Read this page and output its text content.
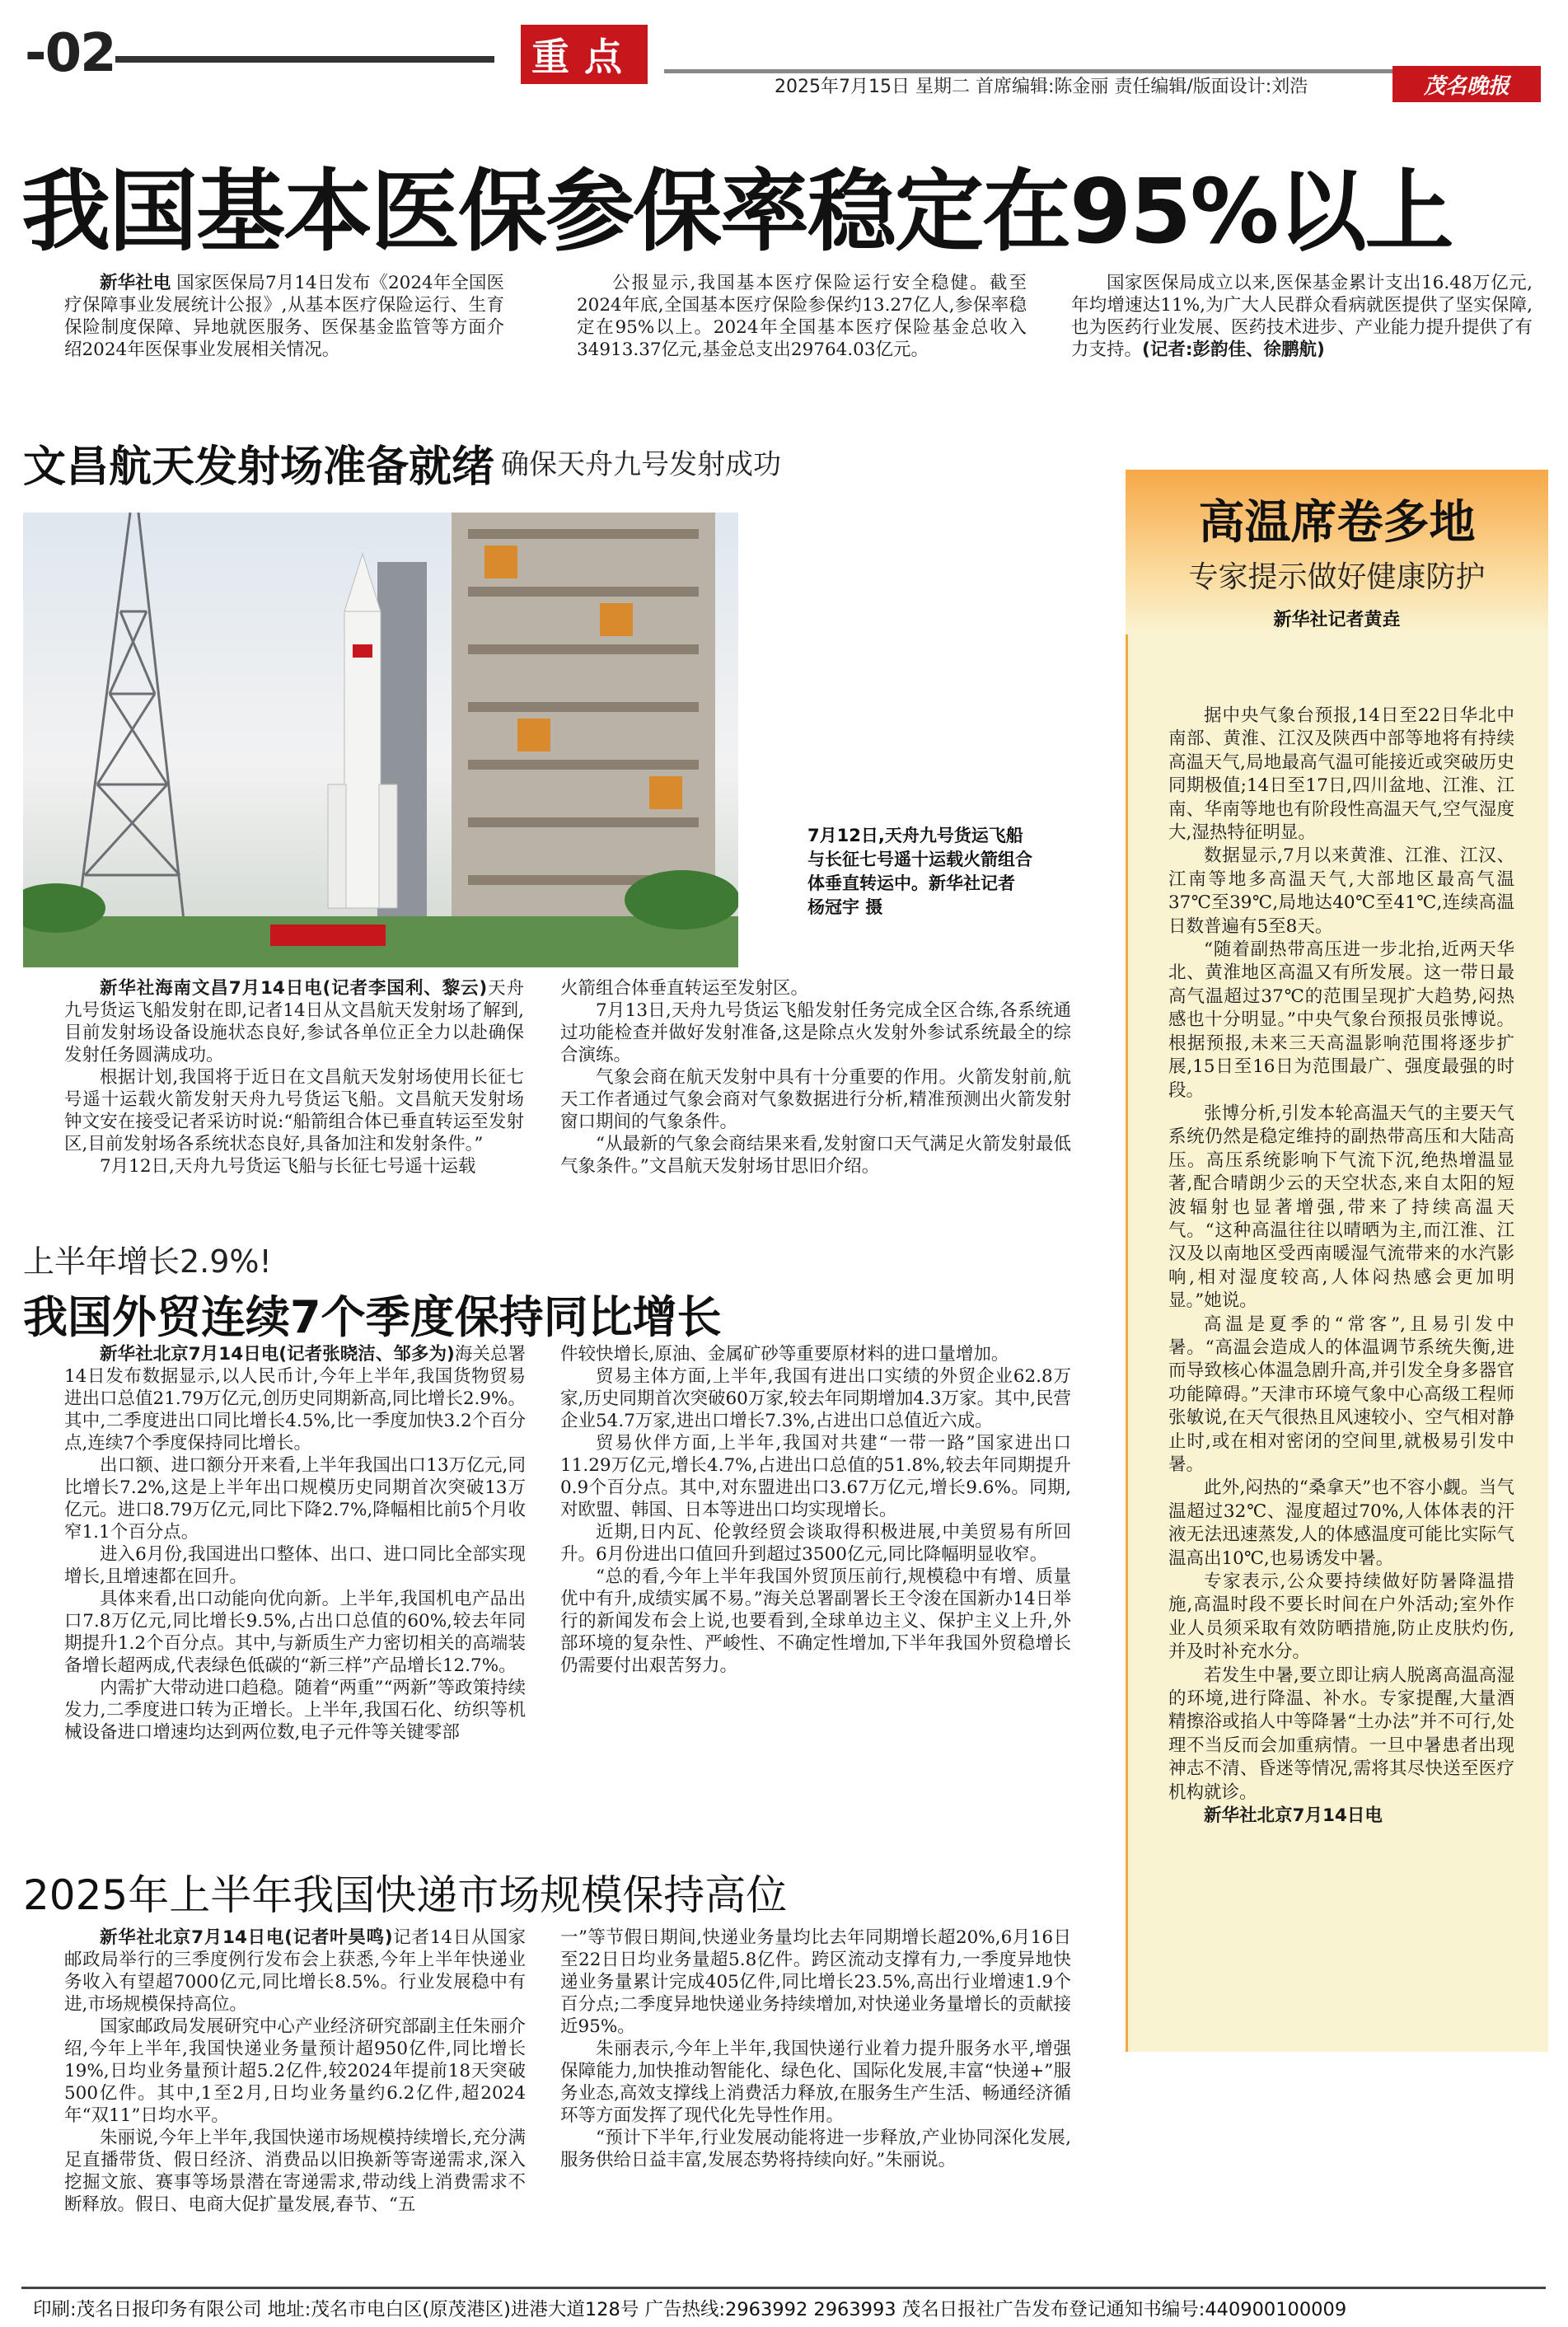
-02	重点
2025年7月15日 星期二 首席编辑:陈金丽 责任编辑/版面设计:刘浩	茂名晚报
我国基本医保参保率稳定在95%以上

新华社电 国家医保局7月14日发布《2024年全国医疗保障事业发展统计公报》,从基本医疗保险运行、生育保险制度保障、异地就医服务、医保基金监管等方面介绍2024年医保事业发展相关情况。

公报显示,我国基本医疗保险运行安全稳健。截至2024年底,全国基本医疗保险参保约13.27亿人,参保率稳定在95%以上。2024年全国基本医疗保险基金总收入34913.37亿元,基金总支出29764.03亿元。

国家医保局成立以来,医保基金累计支出16.48万亿元,年均增速达11%,为广大人民群众看病就医提供了坚实保障,也为医药行业发展、医药技术进步、产业能力提升提供了有力支持。(记者:彭韵佳、徐鹏航)

文昌航天发射场准备就绪 确保天舟九号发射成功
7月12日,天舟九号货运飞船与长征七号遥十运载火箭组合体垂直转运中。新华社记者 杨冠宇 摄

新华社海南文昌7月14日电(记者李国利、黎云)天舟九号货运飞船发射在即,记者14日从文昌航天发射场了解到,目前发射场设备设施状态良好,参试各单位正全力以赴确保发射任务圆满成功。

根据计划,我国将于近日在文昌航天发射场使用长征七号遥十运载火箭发射天舟九号货运飞船。文昌航天发射场钟文安在接受记者采访时说:“船箭组合体已垂直转运至发射区,目前发射场各系统状态良好,具备加注和发射条件。”

7月12日,天舟九号货运飞船与长征七号遥十运载

火箭组合体垂直转运至发射区。

7月13日,天舟九号货运飞船发射任务完成全区合练,各系统通过功能检查并做好发射准备,这是除点火发射外参试系统最全的综合演练。

气象会商在航天发射中具有十分重要的作用。火箭发射前,航天工作者通过气象会商对气象数据进行分析,精准预测出火箭发射窗口期间的气象条件。

“从最新的气象会商结果来看,发射窗口天气满足火箭发射最低气象条件。”文昌航天发射场甘思旧介绍。

上半年增长2.9%!
我国外贸连续7个季度保持同比增长

新华社北京7月14日电(记者张晓洁、邹多为)海关总署14日发布数据显示,以人民币计,今年上半年,我国货物贸易进出口总值21.79万亿元,创历史同期新高,同比增长2.9%。其中,二季度进出口同比增长4.5%,比一季度加快3.2个百分点,连续7个季度保持同比增长。

出口额、进口额分开来看,上半年我国出口13万亿元,同比增长7.2%,这是上半年出口规模历史同期首次突破13万亿元。进口8.79万亿元,同比下降2.7%,降幅相比前5个月收窄1.1个百分点。

进入6月份,我国进出口整体、出口、进口同比全部实现增长,且增速都在回升。

具体来看,出口动能向优向新。上半年,我国机电产品出口7.8万亿元,同比增长9.5%,占出口总值的60%,较去年同期提升1.2个百分点。其中,与新质生产力密切相关的高端装备增长超两成,代表绿色低碳的“新三样”产品增长12.7%。

内需扩大带动进口趋稳。随着“两重”“两新”等政策持续发力,二季度进口转为正增长。上半年,我国石化、纺织等机械设备进口增速均达到两位数,电子元件等关键零部

件较快增长,原油、金属矿砂等重要原材料的进口量增加。

贸易主体方面,上半年,我国有进出口实绩的外贸企业62.8万家,历史同期首次突破60万家,较去年同期增加4.3万家。其中,民营企业54.7万家,进出口增长7.3%,占进出口总值近六成。

贸易伙伴方面,上半年,我国对共建“一带一路”国家进出口11.29万亿元,增长4.7%,占进出口总值的51.8%,较去年同期提升0.9个百分点。其中,对东盟进出口3.67万亿元,增长9.6%。同期,对欧盟、韩国、日本等进出口均实现增长。

近期,日内瓦、伦敦经贸会谈取得积极进展,中美贸易有所回升。6月份进出口值回升到超过3500亿元,同比降幅明显收窄。

“总的看,今年上半年我国外贸顶压前行,规模稳中有增、质量优中有升,成绩实属不易。”海关总署副署长王令浚在国新办14日举行的新闻发布会上说,也要看到,全球单边主义、保护主义上升,外部环境的复杂性、严峻性、不确定性增加,下半年我国外贸稳增长仍需要付出艰苦努力。

2025年上半年我国快递市场规模保持高位

新华社北京7月14日电(记者叶昊鸣)记者14日从国家邮政局举行的三季度例行发布会上获悉,今年上半年快递业务收入有望超7000亿元,同比增长8.5%。行业发展稳中有进,市场规模保持高位。

国家邮政局发展研究中心产业经济研究部副主任朱丽介绍,今年上半年,我国快递业务量预计超950亿件,同比增长19%,日均业务量预计超5.2亿件,较2024年提前18天突破500亿件。其中,1至2月,日均业务量约6.2亿件,超2024年“双11”日均水平。

朱丽说,今年上半年,我国快递市场规模持续增长,充分满足直播带货、假日经济、消费品以旧换新等寄递需求,深入挖掘文旅、赛事等场景潜在寄递需求,带动线上消费需求不断释放。假日、电商大促扩量发展,春节、“五

一”等节假日期间,快递业务量均比去年同期增长超20%,6月16日至22日日均业务量超5.8亿件。跨区流动支撑有力,一季度异地快递业务量累计完成405亿件,同比增长23.5%,高出行业增速1.9个百分点;二季度异地快递业务持续增加,对快递业务量增长的贡献接近95%。

朱丽表示,今年上半年,我国快递行业着力提升服务水平,增强保障能力,加快推动智能化、绿色化、国际化发展,丰富“快递+”服务业态,高效支撑线上消费活力释放,在服务生产生活、畅通经济循环等方面发挥了现代化先导性作用。

“预计下半年,行业发展动能将进一步释放,产业协同深化发展,服务供给日益丰富,发展态势将持续向好。”朱丽说。

高温席卷多地
专家提示做好健康防护
新华社记者黄垚

据中央气象台预报,14日至22日华北中南部、黄淮、江汉及陕西中部等地将有持续高温天气,局地最高气温可能接近或突破历史同期极值;14日至17日,四川盆地、江淮、江南、华南等地也有阶段性高温天气,空气湿度大,湿热特征明显。

数据显示,7月以来黄淮、江淮、江汉、江南等地多高温天气,大部地区最高气温37℃至39℃,局地达40℃至41℃,连续高温日数普遍有5至8天。

“随着副热带高压进一步北抬,近两天华北、黄淮地区高温又有所发展。这一带日最高气温超过37℃的范围呈现扩大趋势,闷热感也十分明显。”中央气象台预报员张博说。根据预报,未来三天高温影响范围将逐步扩展,15日至16日为范围最广、强度最强的时段。

张博分析,引发本轮高温天气的主要天气系统仍然是稳定维持的副热带高压和大陆高压。高压系统影响下气流下沉,绝热增温显著,配合晴朗少云的天空状态,来自太阳的短波辐射也显著增强,带来了持续高温天气。“这种高温往往以晴晒为主,而江淮、江汉及以南地区受西南暖湿气流带来的水汽影响,相对湿度较高,人体闷热感会更加明显。”她说。

高温是夏季的“常客”,且易引发中暑。“高温会造成人的体温调节系统失衡,进而导致核心体温急剧升高,并引发全身多器官功能障碍。”天津市环境气象中心高级工程师张敏说,在天气很热且风速较小、空气相对静止时,或在相对密闭的空间里,就极易引发中暑。

此外,闷热的“桑拿天”也不容小觑。当气温超过32℃、湿度超过70%,人体体表的汗液无法迅速蒸发,人的体感温度可能比实际气温高出10℃,也易诱发中暑。

专家表示,公众要持续做好防暑降温措施,高温时段不要长时间在户外活动;室外作业人员须采取有效防晒措施,防止皮肤灼伤,并及时补充水分。

若发生中暑,要立即让病人脱离高温高湿的环境,进行降温、补水。专家提醒,大量酒精擦浴或掐人中等降暑“土办法”并不可行,处理不当反而会加重病情。一旦中暑患者出现神志不清、昏迷等情况,需将其尽快送至医疗机构就诊。

新华社北京7月14日电

印刷:茂名日报印务有限公司 地址:茂名市电白区(原茂港区)进港大道128号 广告热线:2963992 2963993 茂名日报社广告发布登记通知书编号:440900100009
